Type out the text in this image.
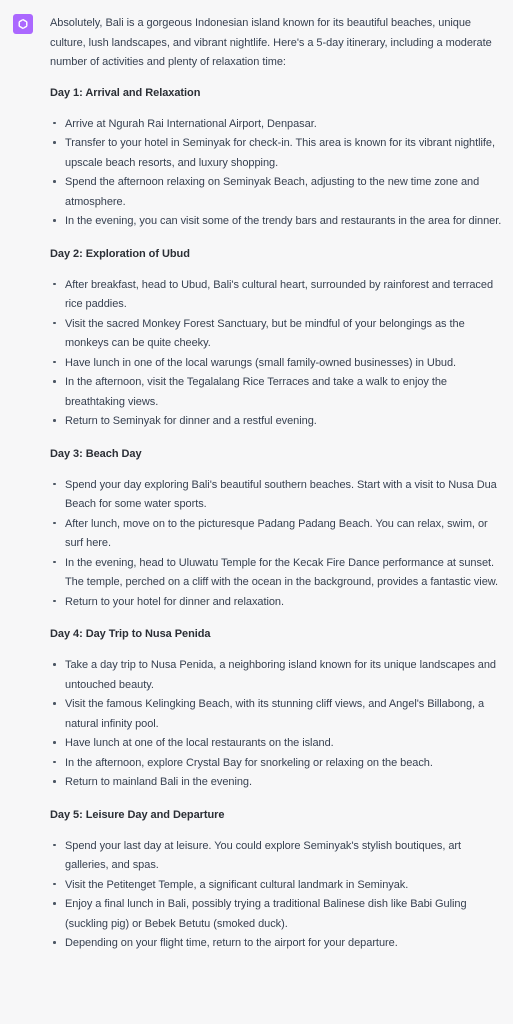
Absolutely, Bali is a gorgeous Indonesian island known for its beautiful beaches, unique culture, lush landscapes, and vibrant nightlife. Here's a 5-day itinerary, including a moderate number of activities and plenty of relaxation time:

Day 1: Arrival and Relaxation
Arrive at Ngurah Rai International Airport, Denpasar.
Transfer to your hotel in Seminyak for check-in. This area is known for its vibrant nightlife, upscale beach resorts, and luxury shopping.
Spend the afternoon relaxing on Seminyak Beach, adjusting to the new time zone and atmosphere.
In the evening, you can visit some of the trendy bars and restaurants in the area for dinner.
Day 2: Exploration of Ubud
After breakfast, head to Ubud, Bali's cultural heart, surrounded by rainforest and terraced rice paddies.
Visit the sacred Monkey Forest Sanctuary, but be mindful of your belongings as the monkeys can be quite cheeky.
Have lunch in one of the local warungs (small family-owned businesses) in Ubud.
In the afternoon, visit the Tegalalang Rice Terraces and take a walk to enjoy the breathtaking views.
Return to Seminyak for dinner and a restful evening.
Day 3: Beach Day
Spend your day exploring Bali's beautiful southern beaches. Start with a visit to Nusa Dua Beach for some water sports.
After lunch, move on to the picturesque Padang Padang Beach. You can relax, swim, or surf here.
In the evening, head to Uluwatu Temple for the Kecak Fire Dance performance at sunset. The temple, perched on a cliff with the ocean in the background, provides a fantastic view.
Return to your hotel for dinner and relaxation.
Day 4: Day Trip to Nusa Penida
Take a day trip to Nusa Penida, a neighboring island known for its unique landscapes and untouched beauty.
Visit the famous Kelingking Beach, with its stunning cliff views, and Angel's Billabong, a natural infinity pool.
Have lunch at one of the local restaurants on the island.
In the afternoon, explore Crystal Bay for snorkeling or relaxing on the beach.
Return to mainland Bali in the evening.
Day 5: Leisure Day and Departure
Spend your last day at leisure. You could explore Seminyak's stylish boutiques, art galleries, and spas.
Visit the Petitenget Temple, a significant cultural landmark in Seminyak.
Enjoy a final lunch in Bali, possibly trying a traditional Balinese dish like Babi Guling (suckling pig) or Bebek Betutu (smoked duck).
Depending on your flight time, return to the airport for your departure.
